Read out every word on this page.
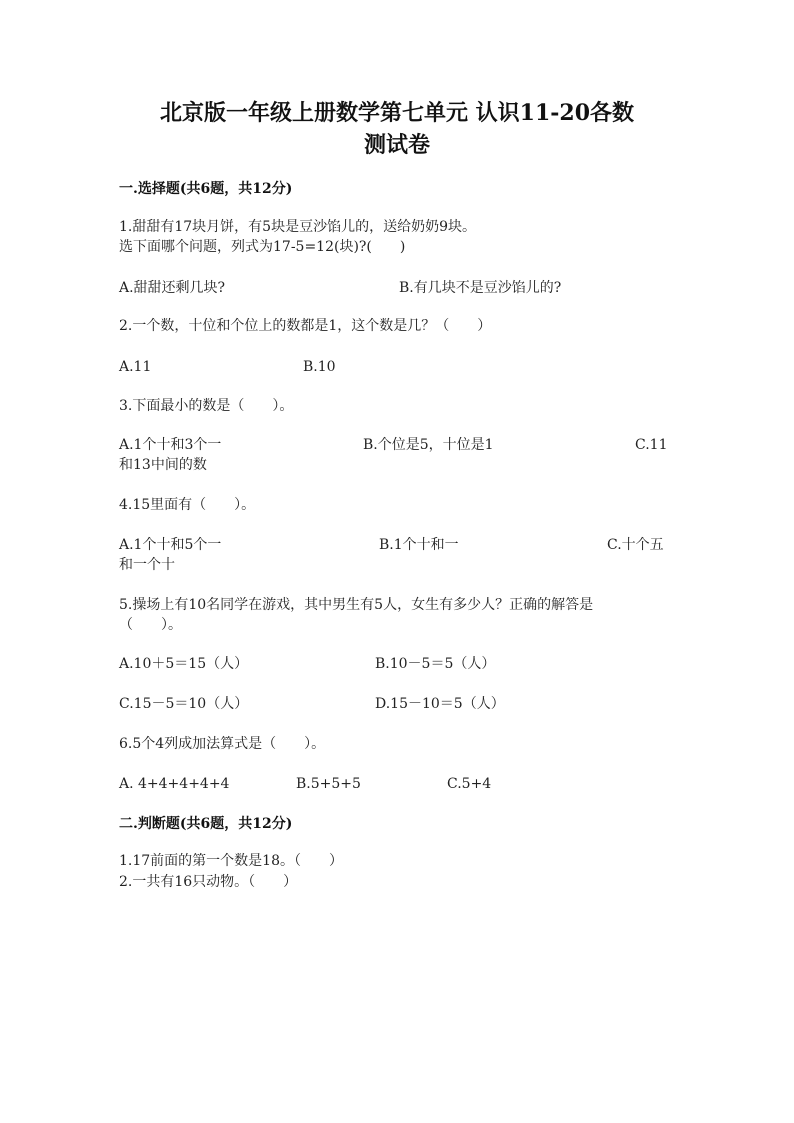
北京版一年级上册数学第七单元 认识11-20各数
测试卷
一.选择题(共6题，共12分)
1.甜甜有17块月饼，有5块是豆沙馅儿的，送给奶奶9块。
选下面哪个问题，列式为17-5=12(块)?(　　)
A.甜甜还剩几块?	B.有几块不是豆沙馅儿的?
2.一个数，十位和个位上的数都是1，这个数是几？（　　）
A.11	B.10
3.下面最小的数是（　　）。
A.1个十和3个一	B.个位是5，十位是1	C.11
和13中间的数
4.15里面有（　　）。
A.1个十和5个一	B.1个十和一	C.十个五
和一个十
5.操场上有10名同学在游戏，其中男生有5人，女生有多少人？正确的解答是
（　　）。
A.10＋5＝15（人）	B.10－5＝5（人）
C.15－5＝10（人）	D.15－10＝5（人）
6.5个4列成加法算式是（　　）。
A. 4+4+4+4+4	B.5+5+5	C.5+4
二.判断题(共6题，共12分)
1.17前面的第一个数是18。（　　）
2.一共有16只动物。（　　）
